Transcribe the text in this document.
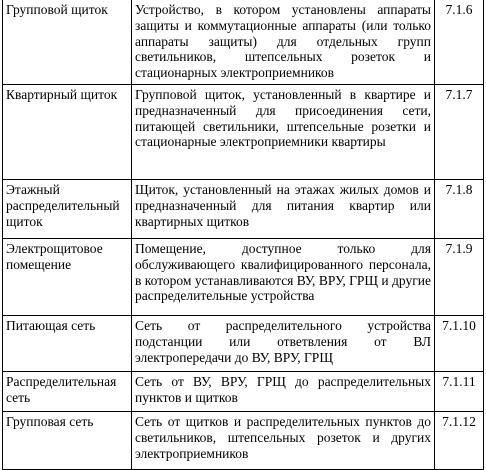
Групповой щиток	Устройство, в котором установлены аппараты защиты и коммутационные аппараты (или только аппараты защиты) для отдельных групп светильников, штепсельных розеток и стационарных электроприемников	7.1.6
Квартирный щиток	Групповой щиток, установленный в квартире и предназначенный для присоединения сети, питающей светильники, штепсельные розетки и стационарные электроприемники квартиры	7.1.7
Этажный распределительный щиток	Щиток, установленный на этажах жилых домов и предназначенный для питания квартир или квартирных щитков	7.1.8
Электрощитовое помещение	Помещение, доступное только для обслуживающего квалифицированного персонала, в котором устанавливаются ВУ, ВРУ, ГРЩ и другие распределительные устройства	7.1.9
Питающая сеть	Сеть от распределительного устройства подстанции или ответвления от ВЛ электропередачи до ВУ, ВРУ, ГРЩ	7.1.10
Распределительная сеть	Сеть от ВУ, ВРУ, ГРЩ до распределительных пунктов и щитков	7.1.11
Групповая сеть	Сеть от щитков и распределительных пунктов до светильников, штепсельных розеток и других электроприемников	7.1.12
